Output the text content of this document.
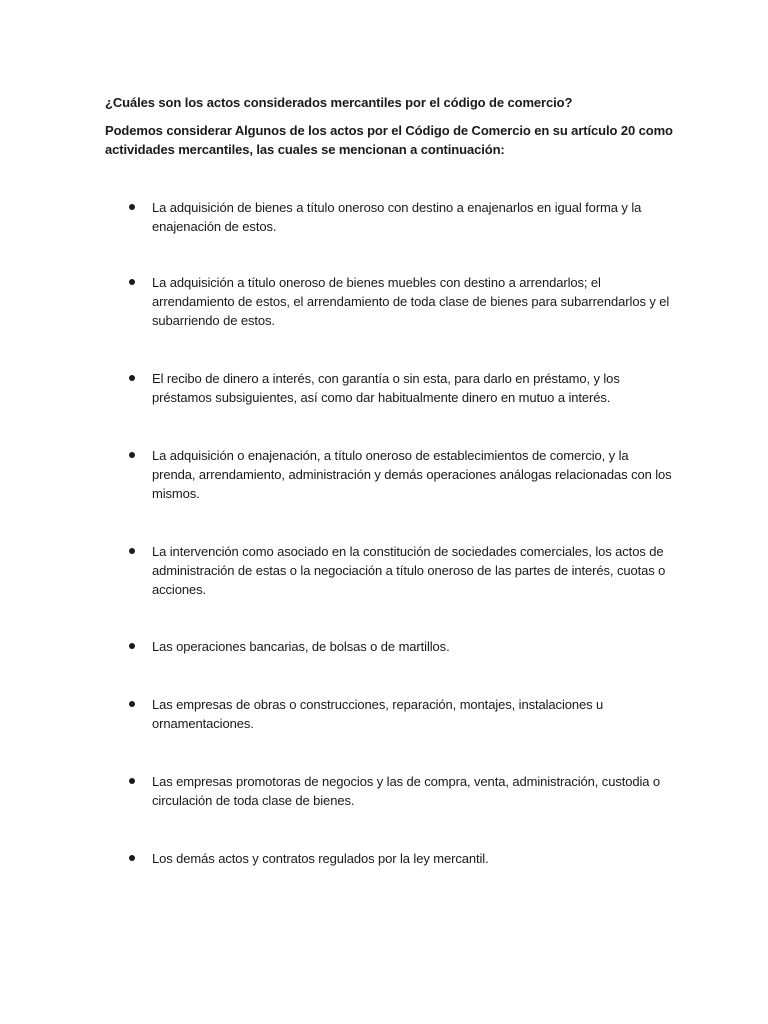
¿Cuáles son los actos considerados mercantiles por el código de comercio?
Podemos considerar Algunos de los actos por el Código de Comercio en su artículo 20 como actividades mercantiles, las cuales se mencionan a continuación:
La adquisición de bienes a título oneroso con destino a enajenarlos en igual forma y la enajenación de estos.
La adquisición a título oneroso de bienes muebles con destino a arrendarlos; el arrendamiento de estos, el arrendamiento de toda clase de bienes para subarrendarlos y el subarriendo de estos.
El recibo de dinero a interés, con garantía o sin esta, para darlo en préstamo, y los préstamos subsiguientes, así como dar habitualmente dinero en mutuo a interés.
La adquisición o enajenación, a título oneroso de establecimientos de comercio, y la prenda, arrendamiento, administración y demás operaciones análogas relacionadas con los mismos.
La intervención como asociado en la constitución de sociedades comerciales, los actos de administración de estas o la negociación a título oneroso de las partes de interés, cuotas o acciones.
Las operaciones bancarias, de bolsas o de martillos.
Las empresas de obras o construcciones, reparación, montajes, instalaciones u ornamentaciones.
Las empresas promotoras de negocios y las de compra, venta, administración, custodia o circulación de toda clase de bienes.
Los demás actos y contratos regulados por la ley mercantil.
